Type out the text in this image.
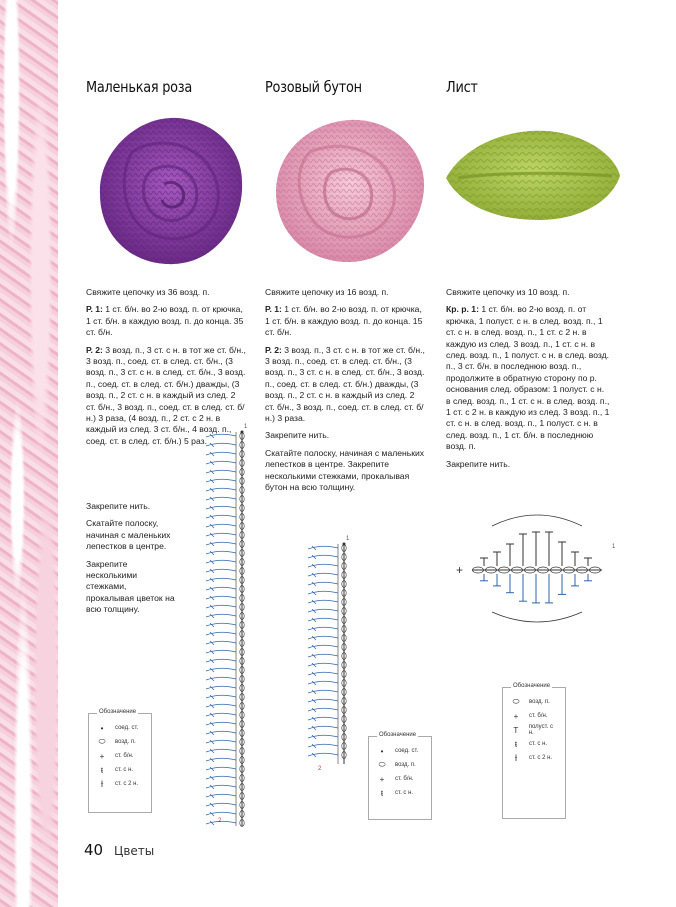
Маленькая роза

Свяжите цепочку из 36 возд. п.

Р. 1: 1 ст. б/н. во 2-ю возд. п. от крючка, 1 ст. б/н. в каждую возд. п. до конца. 35 ст. б/н.

Р. 2: 3 возд. п., 3 ст. с н. в тот же ст. б/н., 3 возд. п., соед. ст. в след. ст. б/н., (3 возд. п., 3 ст. с н. в след. ст. б/н., 3 возд. п., соед. ст. в след. ст. б/н.) дважды, (3 возд. п., 2 ст. с н. в каждый из след. 2 ст. б/н., 3 возд. п., соед. ст. в след. ст. б/н.) 3 раза, (4 возд. п., 2 ст. с 2 н. в каждый из след. 3 ст. б/н., 4 возд. п., соед. ст. в след. ст. б/н.) 5 раз.

Закрепите нить.

Скатайте полоску, начиная с маленьких лепестков в центре.

Закрепите несколькими стежками, прокалывая цветок на всю толщину.

1
2
Обозначение
•	соед. ст.
⬭	возд. п.
+	ст. б/н.
ŧ	ст. с н.
⫲	ст. с 2 н.
Розовый бутон

Свяжите цепочку из 16 возд. п.

Р. 1: 1 ст. б/н. во 2-ю возд. п. от крючка, 1 ст. б/н. в каждую возд. п. до конца. 15 ст. б/н.

Р. 2: 3 возд. п., 3 ст. с н. в тот же ст. б/н., 3 возд. п., соед. ст. в след. ст. б/н., (3 возд. п., 3 ст. с н. в след. ст. б/н., 3 возд. п., соед. ст. в след. ст. б/н.) дважды, (3 возд. п., 2 ст. с н. в каждый из след. 2 ст. б/н., 3 возд. п., соед. ст. в след. ст. б/н.) 3 раза.

Закрепите нить.

Скатайте полоску, начиная с маленьких лепестков в центре. Закрепите несколькими стежками, прокалывая бутон на всю толщину.

1
2
Обозначение
•	соед. ст.
⬭	возд. п.
+	ст. б/н.
ŧ	ст. с н.
Лист

Свяжите цепочку из 10 возд. п.

Кр. р. 1: 1 ст. б/н. во 2-ю возд. п. от крючка, 1 полуст. с н. в след. возд. п., 1 ст. с н. в след. возд. п., 1 ст. с 2 н. в каждую из след. 3 возд. п., 1 ст. с н. в след. возд. п., 1 полуст. с н. в след. возд. п., 3 ст. б/н. в последнюю возд. п., продолжите в обратную сторону по р. основания след. образом: 1 полуст. с н. в след. возд. п., 1 ст. с н. в след. возд. п., 1 ст. с 2 н. в каждую из след. 3 возд. п., 1 ст. с н. в след. возд. п., 1 полуст. с н. в след. возд. п., 1 ст. б/н. в последнюю возд. п.

Закрепите нить.

+
1
Обозначение
⬭	возд. п.
+	ст. б/н.
T	полуст. с н.
ŧ	ст. с н.
⫲	ст. с 2 н.
40 Цветы
